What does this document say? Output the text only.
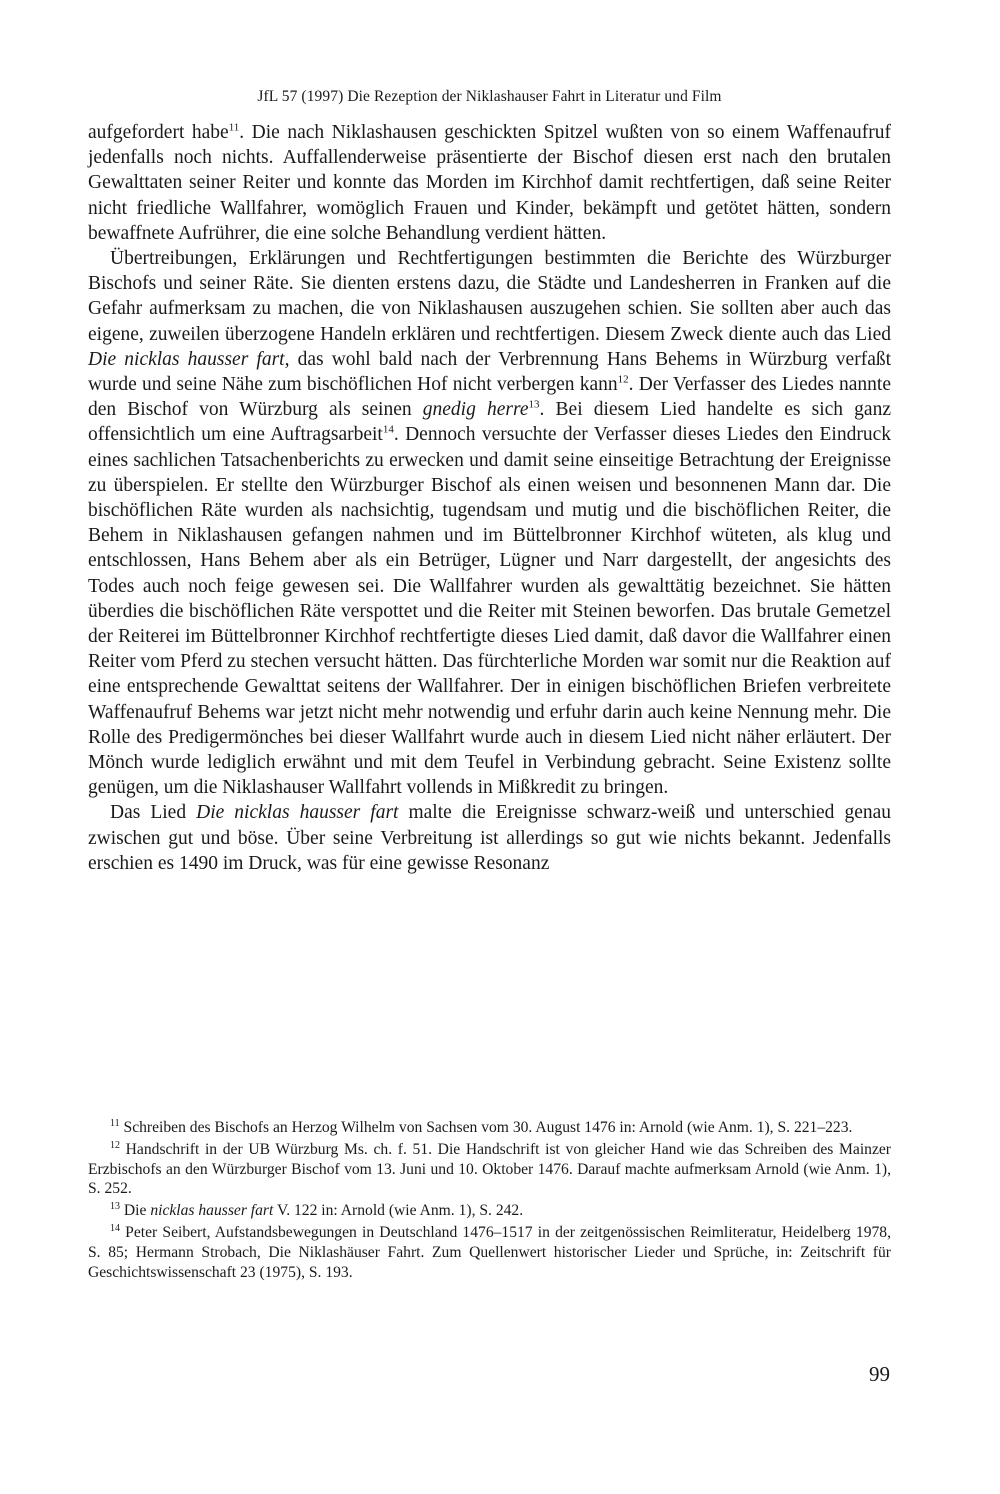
JfL 57 (1997) Die Rezeption der Niklashauser Fahrt in Literatur und Film

aufgefordert habe$^{11}$. Die nach Niklashausen geschickten Spitzel wußten von so einem Waffenaufruf jedenfalls noch nichts. Auffallenderweise präsentierte der Bischof diesen erst nach den brutalen Gewalttaten seiner Reiter und konnte das Morden im Kirchhof damit rechtfertigen, daß seine Reiter nicht friedliche Wallfahrer, womöglich Frauen und Kinder, bekämpft und getötet hätten, sondern bewaffnete Aufrührer, die eine solche Behandlung verdient hätten.

Übertreibungen, Erklärungen und Rechtfertigungen bestimmten die Berichte des Würzburger Bischofs und seiner Räte. Sie dienten erstens dazu, die Städte und Landesherren in Franken auf die Gefahr aufmerksam zu machen, die von Niklashausen auszugehen schien. Sie sollten aber auch das eigene, zuweilen überzogene Handeln erklären und rechtfertigen. Diesem Zweck diente auch das Lied Die nicklas hausser fart, das wohl bald nach der Verbrennung Hans Behems in Würzburg verfaßt wurde und seine Nähe zum bischöflichen Hof nicht verbergen kann$^{12}$. Der Verfasser des Liedes nannte den Bischof von Würzburg als seinen gnedig herre$^{13}$. Bei diesem Lied handelte es sich ganz offensichtlich um eine Auftragsarbeit$^{14}$. Dennoch versuchte der Verfasser dieses Liedes den Eindruck eines sachlichen Tatsachenberichts zu erwecken und damit seine einseitige Betrachtung der Ereignisse zu überspielen. Er stellte den Würzburger Bischof als einen weisen und besonnenen Mann dar. Die bischöflichen Räte wurden als nachsichtig, tugendsam und mutig und die bischöflichen Reiter, die Behem in Niklashausen gefangen nahmen und im Büttelbronner Kirchhof wüteten, als klug und entschlossen, Hans Behem aber als ein Betrüger, Lügner und Narr dargestellt, der angesichts des Todes auch noch feige gewesen sei. Die Wallfahrer wurden als gewalttätig bezeichnet. Sie hätten überdies die bischöflichen Räte verspottet und die Reiter mit Steinen beworfen. Das brutale Gemetzel der Reiterei im Büttelbronner Kirchhof rechtfertigte dieses Lied damit, daß davor die Wallfahrer einen Reiter vom Pferd zu stechen versucht hätten. Das fürchterliche Morden war somit nur die Reaktion auf eine entsprechende Gewalttat seitens der Wallfahrer. Der in einigen bischöflichen Briefen verbreitete Waffenaufruf Behems war jetzt nicht mehr notwendig und erfuhr darin auch keine Nennung mehr. Die Rolle des Predigermönches bei dieser Wallfahrt wurde auch in diesem Lied nicht näher erläutert. Der Mönch wurde lediglich erwähnt und mit dem Teufel in Verbindung gebracht. Seine Existenz sollte genügen, um die Niklashauser Wallfahrt vollends in Mißkredit zu bringen.

Das Lied Die nicklas hausser fart malte die Ereignisse schwarz-weiß und unterschied genau zwischen gut und böse. Über seine Verbreitung ist allerdings so gut wie nichts bekannt. Jedenfalls erschien es 1490 im Druck, was für eine gewisse Resonanz

$^{11}$ Schreiben des Bischofs an Herzog Wilhelm von Sachsen vom 30. August 1476 in: Arnold (wie Anm. 1), S. 221–223.

$^{12}$ Handschrift in der UB Würzburg Ms. ch. f. 51. Die Handschrift ist von gleicher Hand wie das Schreiben des Mainzer Erzbischofs an den Würzburger Bischof vom 13. Juni und 10. Oktober 1476. Darauf machte aufmerksam Arnold (wie Anm. 1), S. 252.

$^{13}$ Die nicklas hausser fart V. 122 in: Arnold (wie Anm. 1), S. 242.

$^{14}$ Peter Seibert, Aufstandsbewegungen in Deutschland 1476–1517 in der zeitgenössischen Reimliteratur, Heidelberg 1978, S. 85; Hermann Strobach, Die Niklashäuser Fahrt. Zum Quellenwert historischer Lieder und Sprüche, in: Zeitschrift für Geschichtswissenschaft 23 (1975), S. 193.

99
